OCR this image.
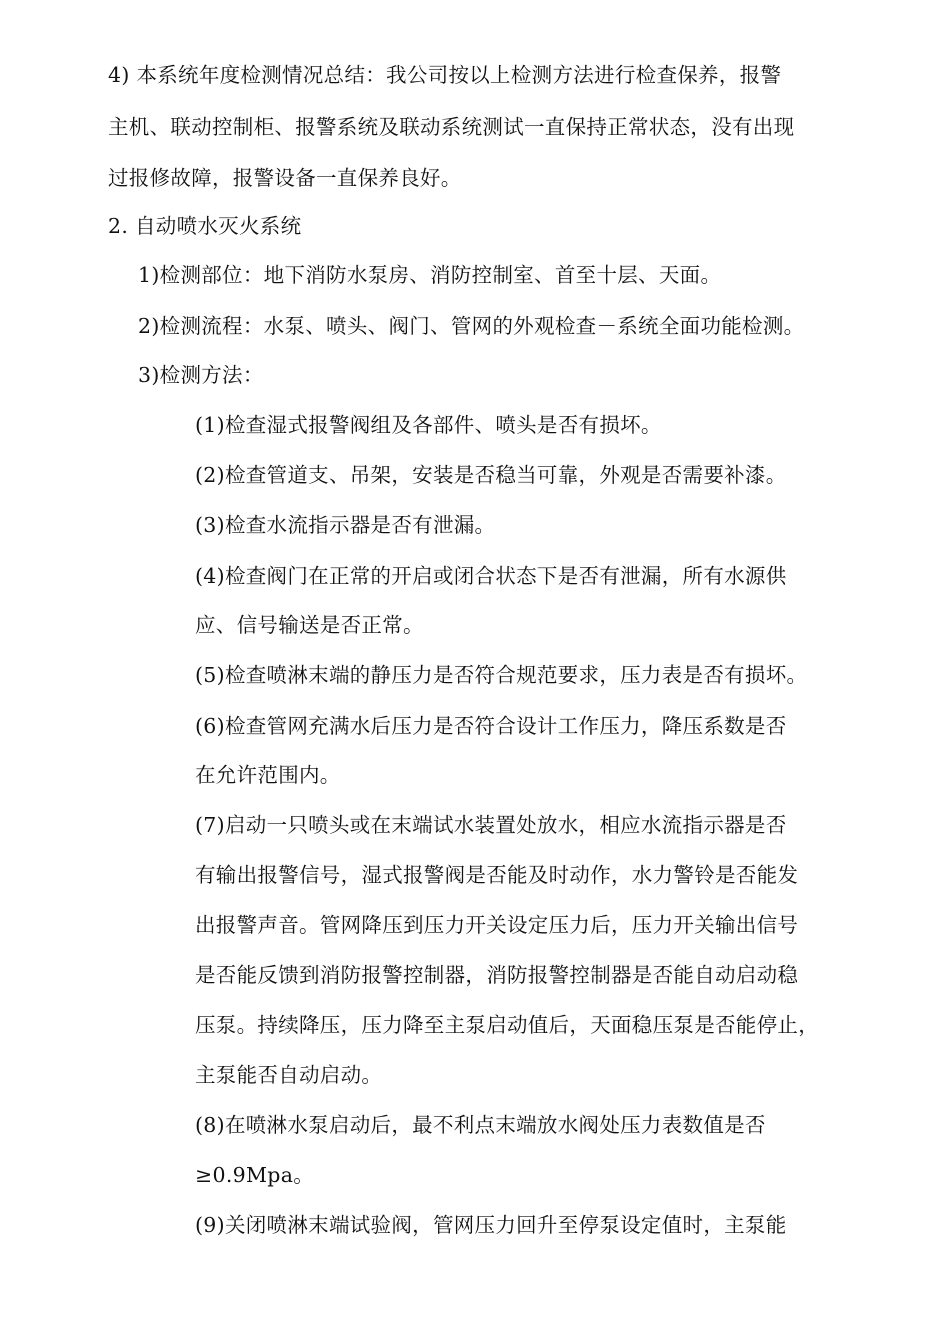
4) 本系统年度检测情况总结：我公司按以上检测方法进行检查保养，报警
主机、联动控制柜、报警系统及联动系统测试一直保持正常状态，没有出现
过报修故障，报警设备一直保养良好。
2. 自动喷水灭火系统
1)检测部位：地下消防水泵房、消防控制室、首至十层、天面。
2)检测流程：水泵、喷头、阀门、管网的外观检查－系统全面功能检测。
3)检测方法：
(1)检查湿式报警阀组及各部件、喷头是否有损坏。
(2)检查管道支、吊架，安装是否稳当可靠，外观是否需要补漆。
(3)检查水流指示器是否有泄漏。
(4)检查阀门在正常的开启或闭合状态下是否有泄漏，所有水源供
应、信号输送是否正常。
(5)检查喷淋末端的静压力是否符合规范要求，压力表是否有损坏。
(6)检查管网充满水后压力是否符合设计工作压力，降压系数是否
在允许范围内。
(7)启动一只喷头或在末端试水装置处放水，相应水流指示器是否
有输出报警信号，湿式报警阀是否能及时动作，水力警铃是否能发
出报警声音。管网降压到压力开关设定压力后，压力开关输出信号
是否能反馈到消防报警控制器，消防报警控制器是否能自动启动稳
压泵。持续降压，压力降至主泵启动值后，天面稳压泵是否能停止，
主泵能否自动启动。
(8)在喷淋水泵启动后，最不利点末端放水阀处压力表数值是否
≥0.9Mpa。
(9)关闭喷淋末端试验阀，管网压力回升至停泵设定值时，主泵能
